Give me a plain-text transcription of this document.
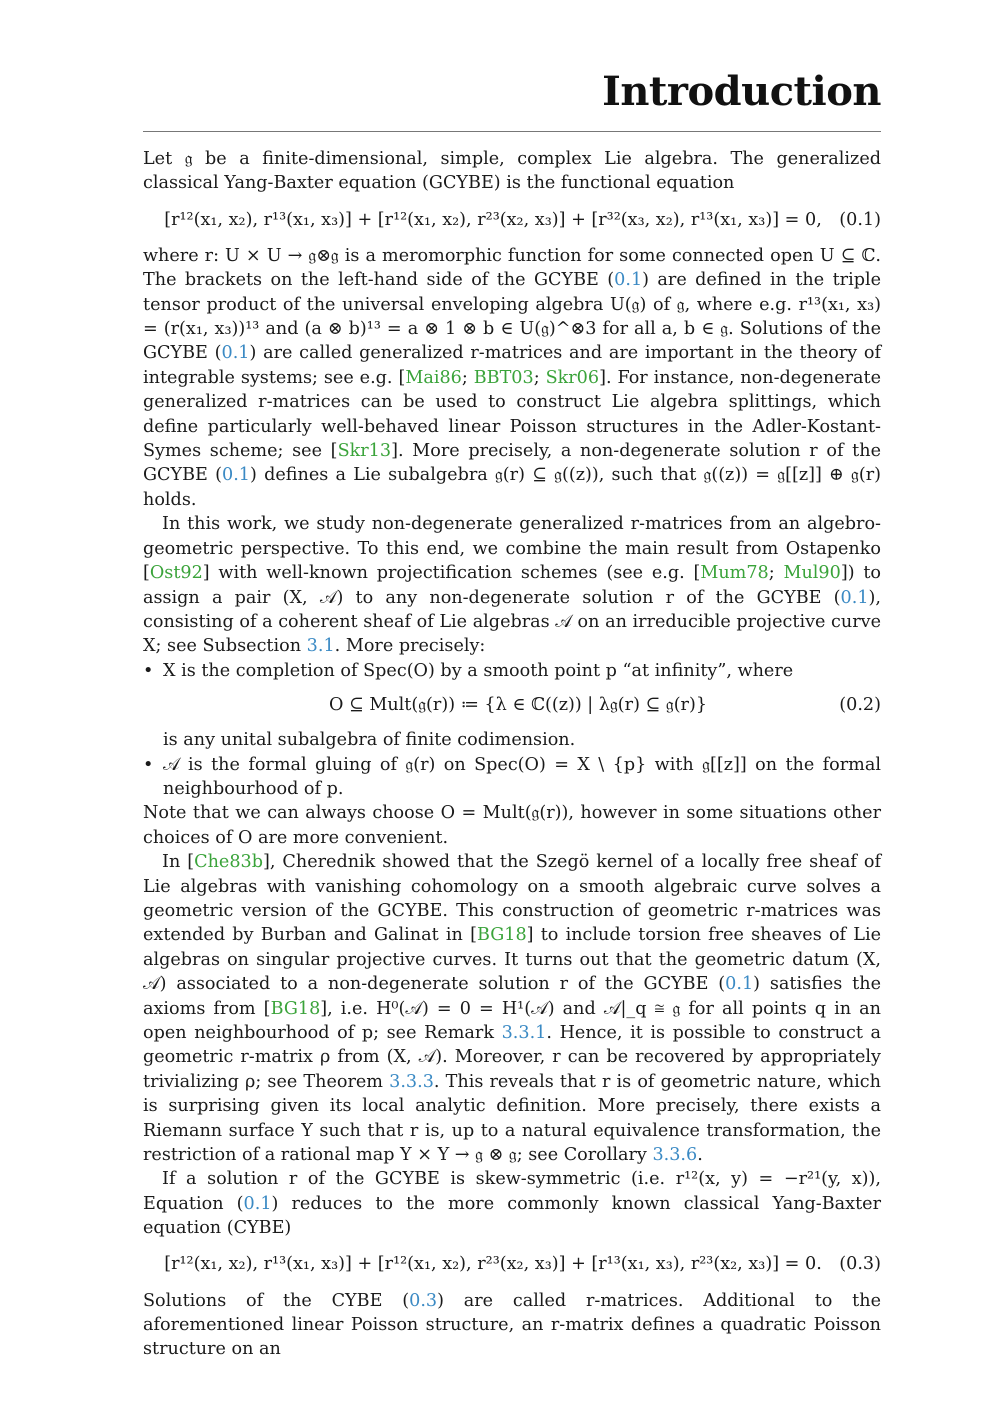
Introduction

Let 𝔤 be a finite-dimensional, simple, complex Lie algebra. The generalized classical Yang-Baxter equation (GCYBE) is the functional equation

[r¹²(x₁, x₂), r¹³(x₁, x₃)] + [r¹²(x₁, x₂), r²³(x₂, x₃)] + [r³²(x₃, x₂), r¹³(x₁, x₃)] = 0, (0.1)

where r: U × U → 𝔤⊗𝔤 is a meromorphic function for some connected open U ⊆ ℂ. The brackets on the left-hand side of the GCYBE (0.1) are defined in the triple tensor product of the universal enveloping algebra U(𝔤) of 𝔤, where e.g. r¹³(x₁, x₃) = (r(x₁, x₃))¹³ and (a ⊗ b)¹³ = a ⊗ 1 ⊗ b ∈ U(𝔤)^⊗3 for all a, b ∈ 𝔤. Solutions of the GCYBE (0.1) are called generalized r-matrices and are important in the theory of integrable systems; see e.g. [Mai86; BBT03; Skr06]. For instance, non-degenerate generalized r-matrices can be used to construct Lie algebra splittings, which define particularly well-behaved linear Poisson structures in the Adler-Kostant-Symes scheme; see [Skr13]. More precisely, a non-degenerate solution r of the GCYBE (0.1) defines a Lie subalgebra 𝔤(r) ⊆ 𝔤((z)), such that 𝔤((z)) = 𝔤[[z]] ⊕ 𝔤(r) holds.

In this work, we study non-degenerate generalized r-matrices from an algebro-geometric perspective. To this end, we combine the main result from Ostapenko [Ost92] with well-known projectification schemes (see e.g. [Mum78; Mul90]) to assign a pair (X, 𝒜) to any non-degenerate solution r of the GCYBE (0.1), consisting of a coherent sheaf of Lie algebras 𝒜 on an irreducible projective curve X; see Subsection 3.1. More precisely:

• X is the completion of Spec(O) by a smooth point p “at infinity”, where
O ⊆ Mult(𝔤(r)) ≔ {λ ∈ ℂ((z)) | λ𝔤(r) ⊆ 𝔤(r)}	(0.2)
is any unital subalgebra of finite codimension.
• 𝒜 is the formal gluing of 𝔤(r) on Spec(O) = X \ {p} with 𝔤[[z]] on the formal neighbourhood of p.

Note that we can always choose O = Mult(𝔤(r)), however in some situations other choices of O are more convenient.

In [Che83b], Cherednik showed that the Szegö kernel of a locally free sheaf of Lie algebras with vanishing cohomology on a smooth algebraic curve solves a geometric version of the GCYBE. This construction of geometric r-matrices was extended by Burban and Galinat in [BG18] to include torsion free sheaves of Lie algebras on singular projective curves. It turns out that the geometric datum (X, 𝒜) associated to a non-degenerate solution r of the GCYBE (0.1) satisfies the axioms from [BG18], i.e. H⁰(𝒜) = 0 = H¹(𝒜) and 𝒜|_q ≅ 𝔤 for all points q in an open neighbourhood of p; see Remark 3.3.1. Hence, it is possible to construct a geometric r-matrix ρ from (X, 𝒜). Moreover, r can be recovered by appropriately trivializing ρ; see Theorem 3.3.3. This reveals that r is of geometric nature, which is surprising given its local analytic definition. More precisely, there exists a Riemann surface Y such that r is, up to a natural equivalence transformation, the restriction of a rational map Y × Y → 𝔤 ⊗ 𝔤; see Corollary 3.3.6.

If a solution r of the GCYBE is skew-symmetric (i.e. r¹²(x, y) = −r²¹(y, x)), Equation (0.1) reduces to the more commonly known classical Yang-Baxter equation (CYBE)

[r¹²(x₁, x₂), r¹³(x₁, x₃)] + [r¹²(x₁, x₂), r²³(x₂, x₃)] + [r¹³(x₁, x₃), r²³(x₂, x₃)] = 0. (0.3)

Solutions of the CYBE (0.3) are called r-matrices. Additional to the aforementioned linear Poisson structure, an r-matrix defines a quadratic Poisson structure on an
